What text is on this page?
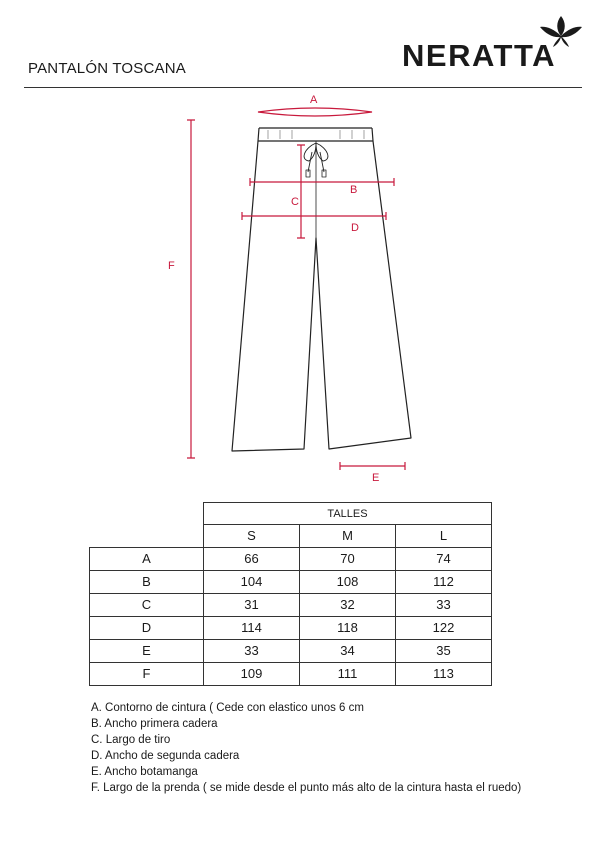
PANTALÓN TOSCANA	NERATTA
A
B
C
D
F
E
	TALLES		
	S	M	L
A	66	70	74
B	104	108	112
C	31	32	33
D	114	118	122
E	33	34	35
F	109	111	113
A. Contorno de cintura ( Cede con elastico unos 6 cm
B. Ancho primera cadera
C. Largo de tiro
D. Ancho de segunda cadera
E. Ancho botamanga
F. Largo de la prenda ( se mide desde el punto más alto de la cintura hasta el ruedo)
